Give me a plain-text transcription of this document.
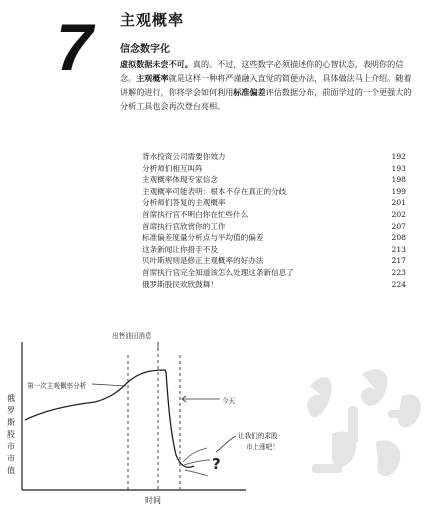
7 主观概率
信念数字化

虚拟数据未尝不可。真的。不过，这些数字必须描述你的心智状态，表明你的信念。主观概率就是这样一种将严谨融入直觉的简便办法，具体做法马上介绍。随着讲解的进行，你将学会如何利用标准偏差评估数据分布，前面学过的一个更强大的分析工具也会再次登台亮相。

背水投资公司需要你效力	192
分析师们相互叫阵	193
主观概率体现专家信念	198
主观概率可能表明：根本不存在真正的分歧	199
分析师们答复的主观概率	201
首席执行官不明白你在忙些什么	202
首席执行官欣赏你的工作	207
标准偏差度量分析点与平均值的偏差	208
这条新闻让你措手不及	213
贝叶斯规则是修正主观概率的好办法	217
首席执行官完全知道该怎么处理这条新信息了	223
俄罗斯股民欢欣鼓舞！	224
俄罗斯股市市值
时间
出售油田消息
第一次主观概率分析
今天
让我们的求股
市上涨吧！
?
